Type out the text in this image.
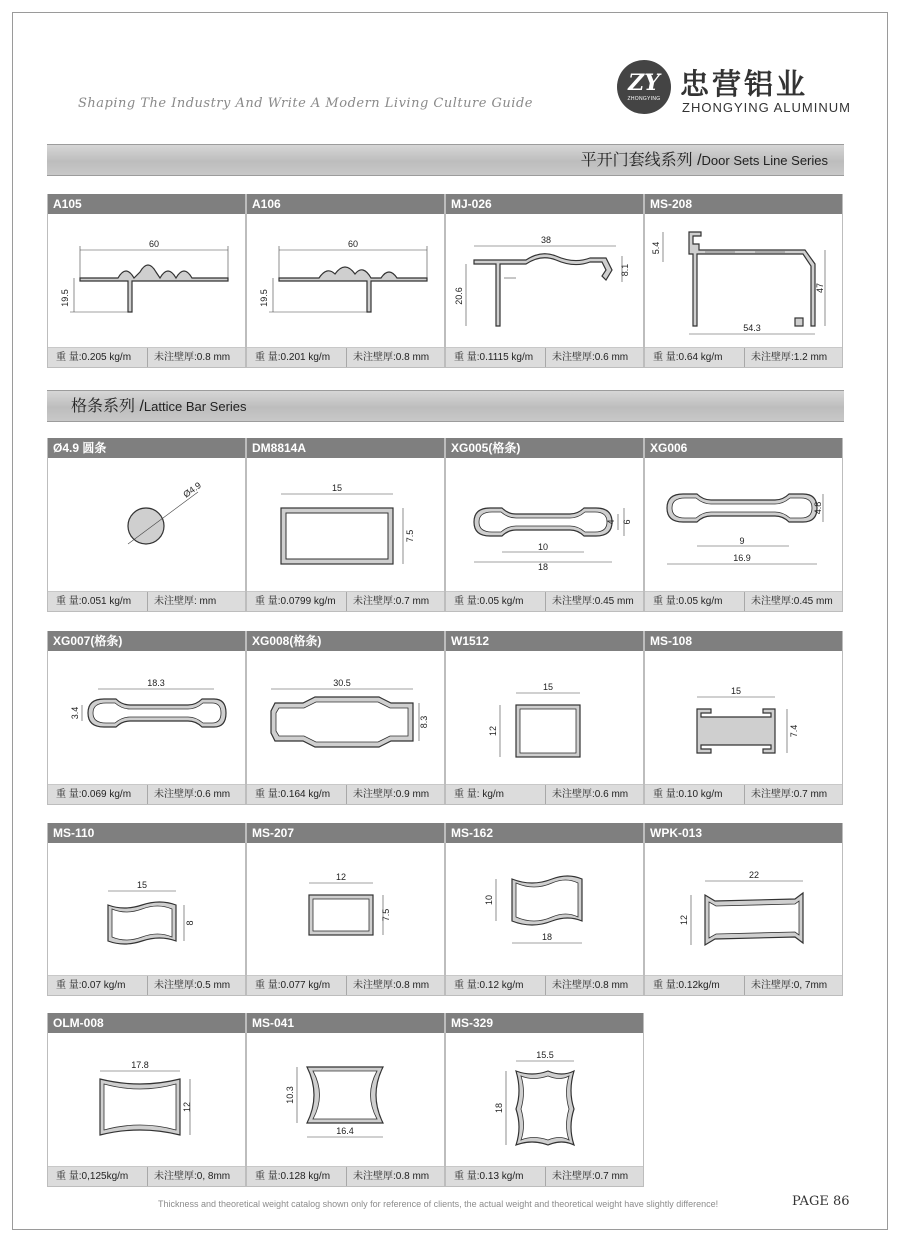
Shaping The Industry And Write A Modern Living Culture Guide
ZY
ZHONGYING 忠营铝业
ZHONGYING ALUMINUM
平开门套线系列 /Door Sets Line Series
A105
60
19.5
重 量:0.205 kg/m	未注壁厚:0.8 mm
A106
60
19.5
重 量:0.201 kg/m	未注壁厚:0.8 mm
MJ-026
38
20.6
8.1
重 量:0.1115 kg/m	未注壁厚:0.6 mm
MS-208
5.4
47
54.3
重 量:0.64 kg/m	未注壁厚:1.2 mm
格条系列 /Lattice Bar Series
Ø4.9 圆条
Ø4.9
重 量:0.051 kg/m	未注壁厚: mm
DM8814A
15
7.5
重 量:0.0799 kg/m	未注壁厚:0.7 mm
XG005(格条)
4 6
10
18
重 量:0.05 kg/m	未注壁厚:0.45 mm
XG006
4.8
9
16.9
重 量:0.05 kg/m	未注壁厚:0.45 mm
XG007(格条)
18.3
3.4
重 量:0.069 kg/m	未注壁厚:0.6 mm
XG008(格条)
30.5
8.3
重 量:0.164 kg/m	未注壁厚:0.9 mm
W1512
15
12
重 量: kg/m	未注壁厚:0.6 mm
MS-108
15
7.4
重 量:0.10 kg/m	未注壁厚:0.7 mm
MS-110
15
8
重 量:0.07 kg/m	未注壁厚:0.5 mm
MS-207
12
7.5
重 量:0.077 kg/m	未注壁厚:0.8 mm
MS-162
10
18
重 量:0.12 kg/m	未注壁厚:0.8 mm
WPK-013
22
12
重 量:0.12kg/m	未注壁厚:0, 7mm
OLM-008
17.8
12
重 量:0,125kg/m	未注壁厚:0, 8mm
MS-041
10.3
16.4
重 量:0.128 kg/m	未注壁厚:0.8 mm
MS-329
15.5
18
重 量:0.13 kg/m	未注壁厚:0.7 mm
Thickness and theoretical weight catalog shown only for reference of clients, the actual weight and theoretical weight have slightly difference!	PAGE 86
